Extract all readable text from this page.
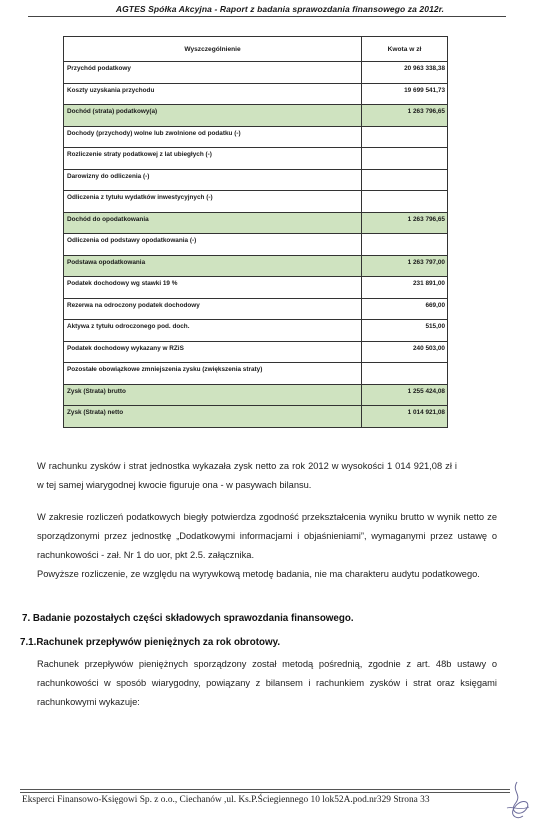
AGTES Spółka Akcyjna - Raport z badania sprawozdania finansowego za 2012r.
Wyszczególnienie	Kwota w zł
Przychód podatkowy	20 963 338,38
Koszty uzyskania przychodu	19 699 541,73
Dochód (strata) podatkowy(a)	1 263 796,65
Dochody (przychody) wolne lub zwolnione od podatku (-)	
Rozliczenie straty podatkowej z lat ubiegłych (-)	
Darowizny do odliczenia (-)	
Odliczenia z tytułu wydatków inwestycyjnych (-)	
Dochód do opodatkowania	1 263 796,65
Odliczenia od podstawy opodatkowania (-)	
Podstawa opodatkowania	1 263 797,00
Podatek dochodowy wg stawki 19 %	231 891,00
Rezerwa na odroczony podatek dochodowy	669,00
Aktywa z tytułu odroczonego pod. doch.	515,00
Podatek dochodowy wykazany w RZiS	240 503,00
Pozostałe obowiązkowe zmniejszenia zysku (zwiększenia straty)	
Zysk (Strata) brutto	1 255 424,08
Zysk (Strata) netto	1 014 921,08

W rachunku zysków i strat jednostka wykazała zysk netto za rok 2012 w wysokości 1 014 921,08 zł i w tej samej wiarygodnej kwocie figuruje ona - w pasywach bilansu.

W zakresie rozliczeń podatkowych biegły potwierdza zgodność przekształcenia wyniku brutto w wynik netto ze sporządzonymi przez jednostkę „Dodatkowymi informacjami i objaśnieniami”, wymaganymi przez ustawę o rachunkowości - zał. Nr 1 do uor, pkt 2.5. załącznika.

Powyższe rozliczenie, ze względu na wyrywkową metodę badania, nie ma charakteru audytu podatkowego.

7. Badanie pozostałych części składowych sprawozdania finansowego.
7.1.Rachunek przepływów pieniężnych za rok obrotowy.

Rachunek przepływów pieniężnych sporządzony został metodą pośrednią, zgodnie z art. 48b ustawy o rachunkowości w sposób wiarygodny, powiązany z bilansem i rachunkiem zysków i strat oraz księgami rachunkowymi wykazuje:

Eksperci Finansowo-Księgowi Sp. z o.o., Ciechanów ,ul. Ks.P.Ściegiennego 10 lok52A.pod.nr329 Strona 33
